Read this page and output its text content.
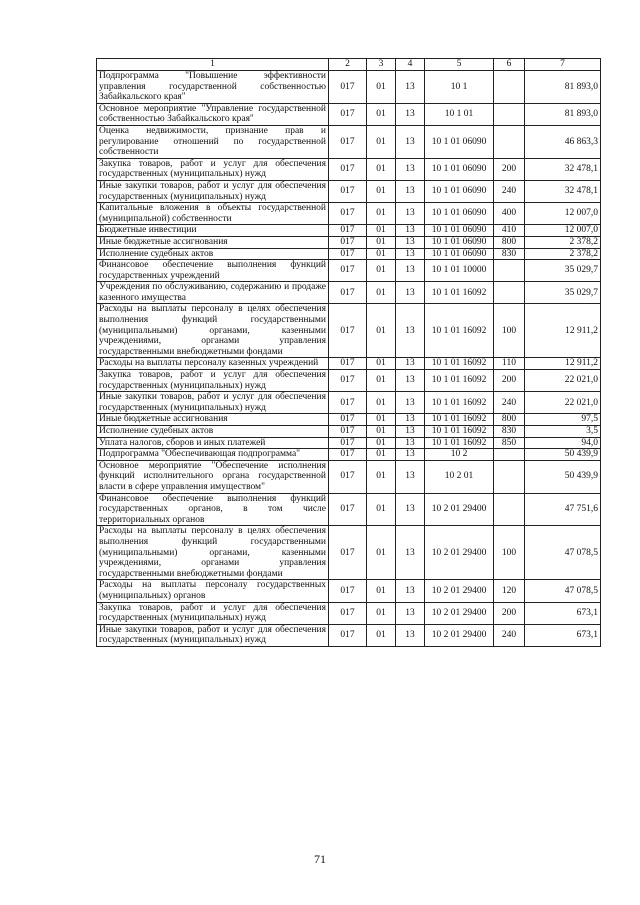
1	2	3	4	5	6	7
Подпрограмма "Повышение эффективности управления государственной собственностью Забайкальского края"	017	01	13	10 1		81 893,0
Основное мероприятие "Управление государственной собственностью Забайкальского края"	017	01	13	10 1 01		81 893,0
Оценка недвижимости, признание прав и регулирование отношений по государственной собственности	017	01	13	10 1 01 06090		46 863,3
Закупка товаров, работ и услуг для обеспечения государственных (муниципальных) нужд	017	01	13	10 1 01 06090	200	32 478,1
Иные закупки товаров, работ и услуг для обеспечения государственных (муниципальных) нужд	017	01	13	10 1 01 06090	240	32 478,1
Капитальные вложения в объекты государственной (муниципальной) собственности	017	01	13	10 1 01 06090	400	12 007,0
Бюджетные инвестиции	017	01	13	10 1 01 06090	410	12 007,0
Иные бюджетные ассигнования	017	01	13	10 1 01 06090	800	2 378,2
Исполнение судебных актов	017	01	13	10 1 01 06090	830	2 378,2
Финансовое обеспечение выполнения функций государственных учреждений	017	01	13	10 1 01 10000		35 029,7
Учреждения по обслуживанию, содержанию и продаже казенного имущества	017	01	13	10 1 01 16092		35 029,7
Расходы на выплаты персоналу в целях обеспечения выполнения функций государственными (муниципальными) органами, казенными учреждениями, органами управления государственными внебюджетными фондами	017	01	13	10 1 01 16092	100	12 911,2
Расходы на выплаты персоналу казенных учреждений	017	01	13	10 1 01 16092	110	12 911,2
Закупка товаров, работ и услуг для обеспечения государственных (муниципальных) нужд	017	01	13	10 1 01 16092	200	22 021,0
Иные закупки товаров, работ и услуг для обеспечения государственных (муниципальных) нужд	017	01	13	10 1 01 16092	240	22 021,0
Иные бюджетные ассигнования	017	01	13	10 1 01 16092	800	97,5
Исполнение судебных актов	017	01	13	10 1 01 16092	830	3,5
Уплата налогов, сборов и иных платежей	017	01	13	10 1 01 16092	850	94,0
Подпрограмма "Обеспечивающая подпрограмма"	017	01	13	10 2		50 439,9
Основное мероприятие "Обеспечение исполнения функций исполнительного органа государственной власти в сфере управления имуществом"	017	01	13	10 2 01		50 439,9
Финансовое обеспечение выполнения функций государственных органов, в том числе территориальных органов	017	01	13	10 2 01 29400		47 751,6
Расходы на выплаты персоналу в целях обеспечения выполнения функций государственными (муниципальными) органами, казенными учреждениями, органами управления государственными внебюджетными фондами	017	01	13	10 2 01 29400	100	47 078,5
Расходы на выплаты персоналу государственных (муниципальных) органов	017	01	13	10 2 01 29400	120	47 078,5
Закупка товаров, работ и услуг для обеспечения государственных (муниципальных) нужд	017	01	13	10 2 01 29400	200	673,1
Иные закупки товаров, работ и услуг для обеспечения государственных (муниципальных) нужд	017	01	13	10 2 01 29400	240	673,1
71
